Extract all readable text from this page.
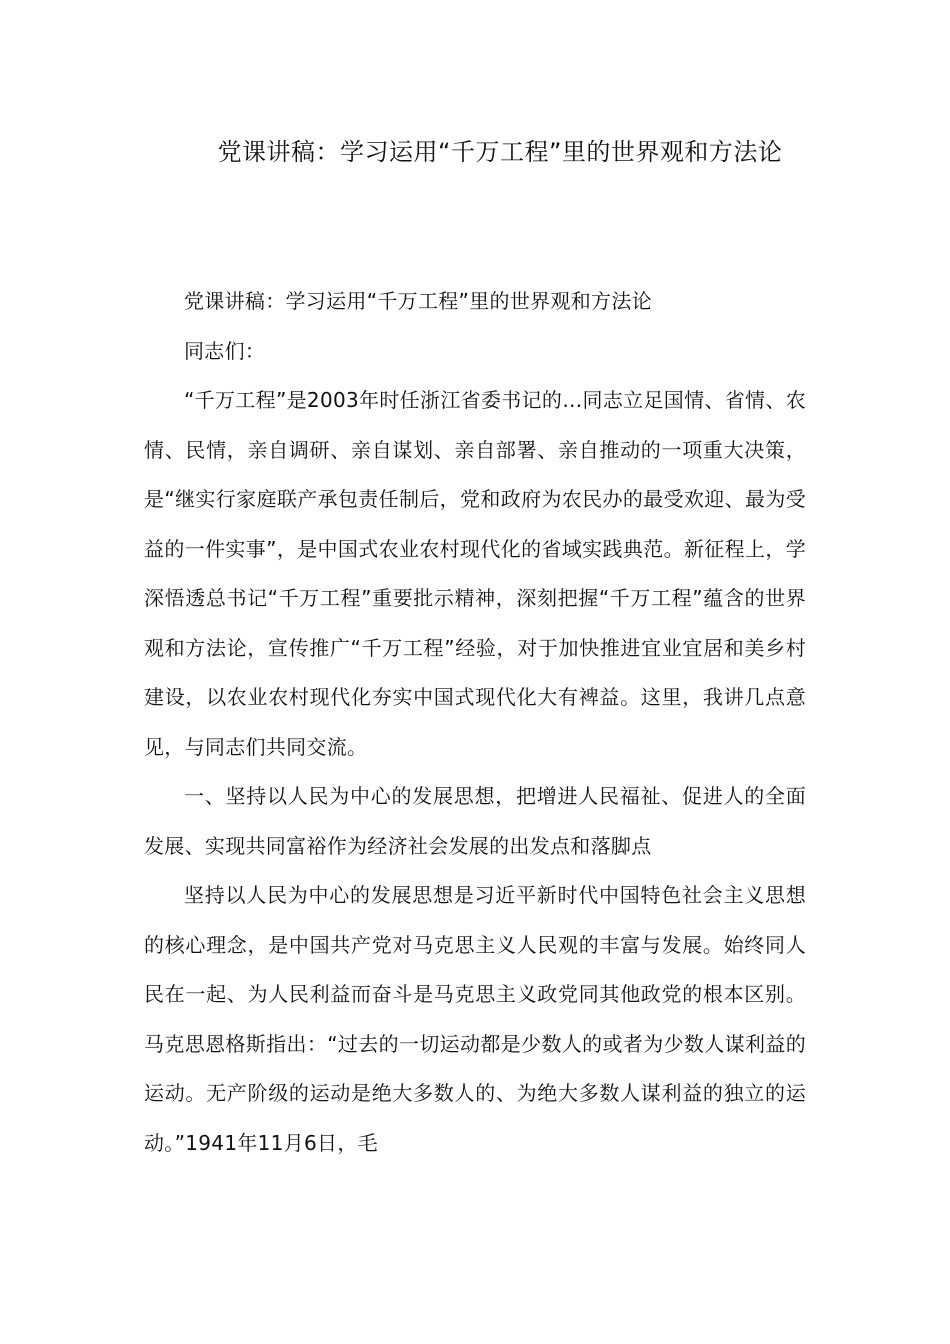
党课讲稿：学习运用“千万工程”里的世界观和方法论

党课讲稿：学习运用“千万工程”里的世界观和方法论

同志们：

“千万工程”是2003年时任浙江省委书记的…同志立足国情、省情、农情、民情，亲自调研、亲自谋划、亲自部署、亲自推动的一项重大决策，是“继实行家庭联产承包责任制后，党和政府为农民办的最受欢迎、最为受益的一件实事”，是中国式农业农村现代化的省域实践典范。新征程上，学深悟透总书记“千万工程”重要批示精神，深刻把握“千万工程”蕴含的世界观和方法论，宣传推广“千万工程”经验，对于加快推进宜业宜居和美乡村建设，以农业农村现代化夯实中国式现代化大有裨益。这里，我讲几点意见，与同志们共同交流。

一、坚持以人民为中心的发展思想，把增进人民福祉、促进人的全面发展、实现共同富裕作为经济社会发展的出发点和落脚点

坚持以人民为中心的发展思想是习近平新时代中国特色社会主义思想的核心理念，是中国共产党对马克思主义人民观的丰富与发展。始终同人民在一起、为人民利益而奋斗是马克思主义政党同其他政党的根本区别。马克思恩格斯指出：“过去的一切运动都是少数人的或者为少数人谋利益的运动。无产阶级的运动是绝大多数人的、为绝大多数人谋利益的独立的运动。”1941年11月6日，毛
